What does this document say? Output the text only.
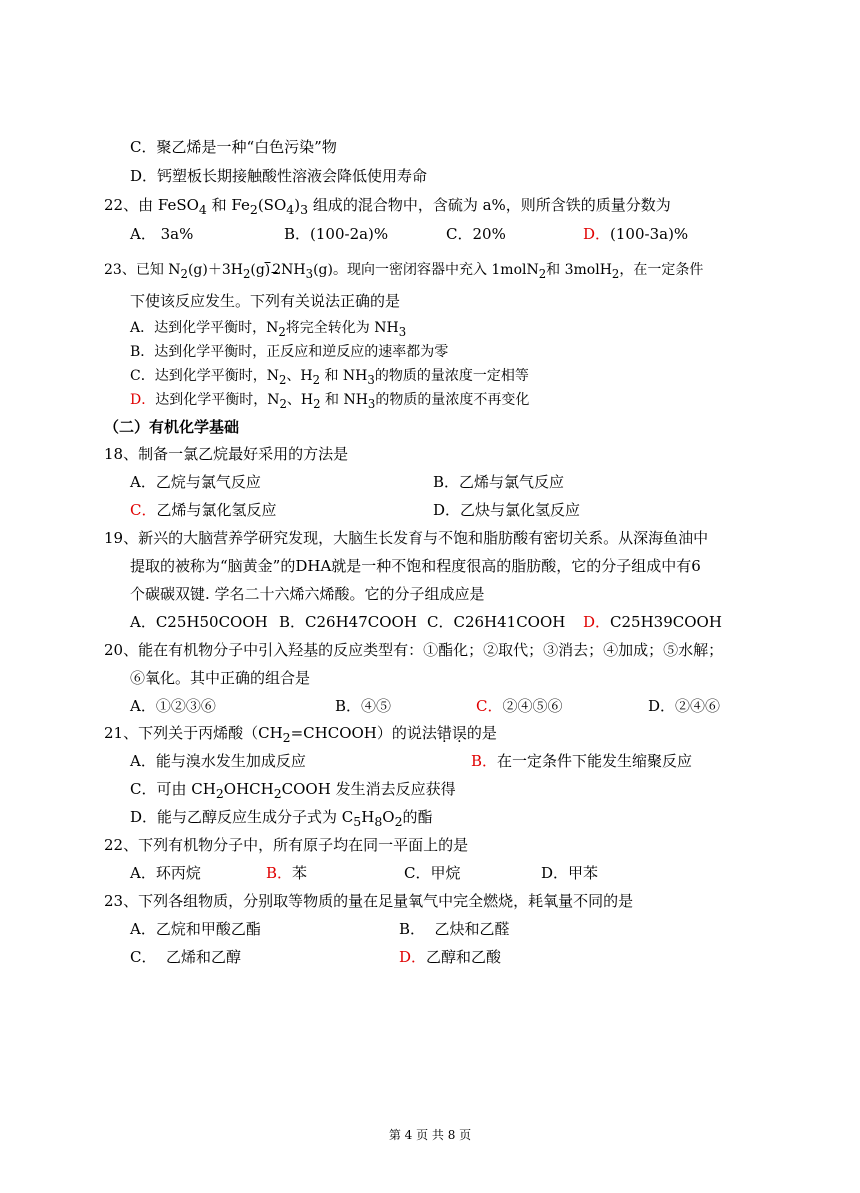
C．聚乙烯是一种“白色污染”物
D．钙塑板长期接触酸性溶液会降低使用寿命
22、由 FeSO$_4$ 和 $Fe_2(SO_4)_3$ 组成的混合物中，含硫为 a%，则所含铁的质量分数为
A． 3a%	B．(100-2a)%	C．20%	D．(100-3a)%
23、已知 $N_2(g)+3H_2(g)$ $2NH_3(g)$。现向一密闭容器中充入 1molN$_2$和 3molH$_2$，在一定条件
下使该反应发生。下列有关说法正确的是
A．达到化学平衡时，$N_2$将完全转化为 $NH_3$
B．达到化学平衡时，正反应和逆反应的速率都为零
C．达到化学平衡时，$N_2$、$H_2$ 和 $NH_3$的物质的量浓度一定相等
D．达到化学平衡时，$N_2$、$H_2$ 和 $NH_3$的物质的量浓度不再变化
（二）有机化学基础
18、制备一氯乙烷最好采用的方法是
A．乙烷与氯气反应	B．乙烯与氯气反应
C．乙烯与氯化氢反应	D．乙炔与氯化氢反应
19、新兴的大脑营养学研究发现，大脑生长发育与不饱和脂肪酸有密切关系。从深海鱼油中
提取的被称为“脑黄金”的DHA就是一种不饱和程度很高的脂肪酸，它的分子组成中有6
个碳碳双键. 学名二十六烯六烯酸。它的分子组成应是
A．C25H50COOH B．C26H47COOH C．C26H41COOH D．C25H39COOH
20、能在有机物分子中引入羟基的反应类型有：①酯化；②取代；③消去；④加成；⑤水解；
⑥氧化。其中正确的组合是
A．①②③⑥	B．④⑤	C．②④⑤⑥	D．②④⑥
21、下列关于丙烯酸$(CH_2=CHCOOH)$的说法错误的是
A．能与溴水发生加成反应	B．在一定条件下能发生缩聚反应
C．可由 $CH_2OHCH_2COOH$ 发生消去反应获得
D．能与乙醇反应生成分子式为 $C_5H_8O_2$的酯
22、下列有机物分子中，所有原子均在同一平面上的是
A．环丙烷	B．苯	C．甲烷	D．甲苯
23、下列各组物质，分别取等物质的量在足量氧气中完全燃烧，耗氧量不同的是
A．乙烷和甲酸乙酯	B．  乙炔和乙醛
C．  乙烯和乙醇	D．乙醇和乙酸
第 4 页 共 8 页
